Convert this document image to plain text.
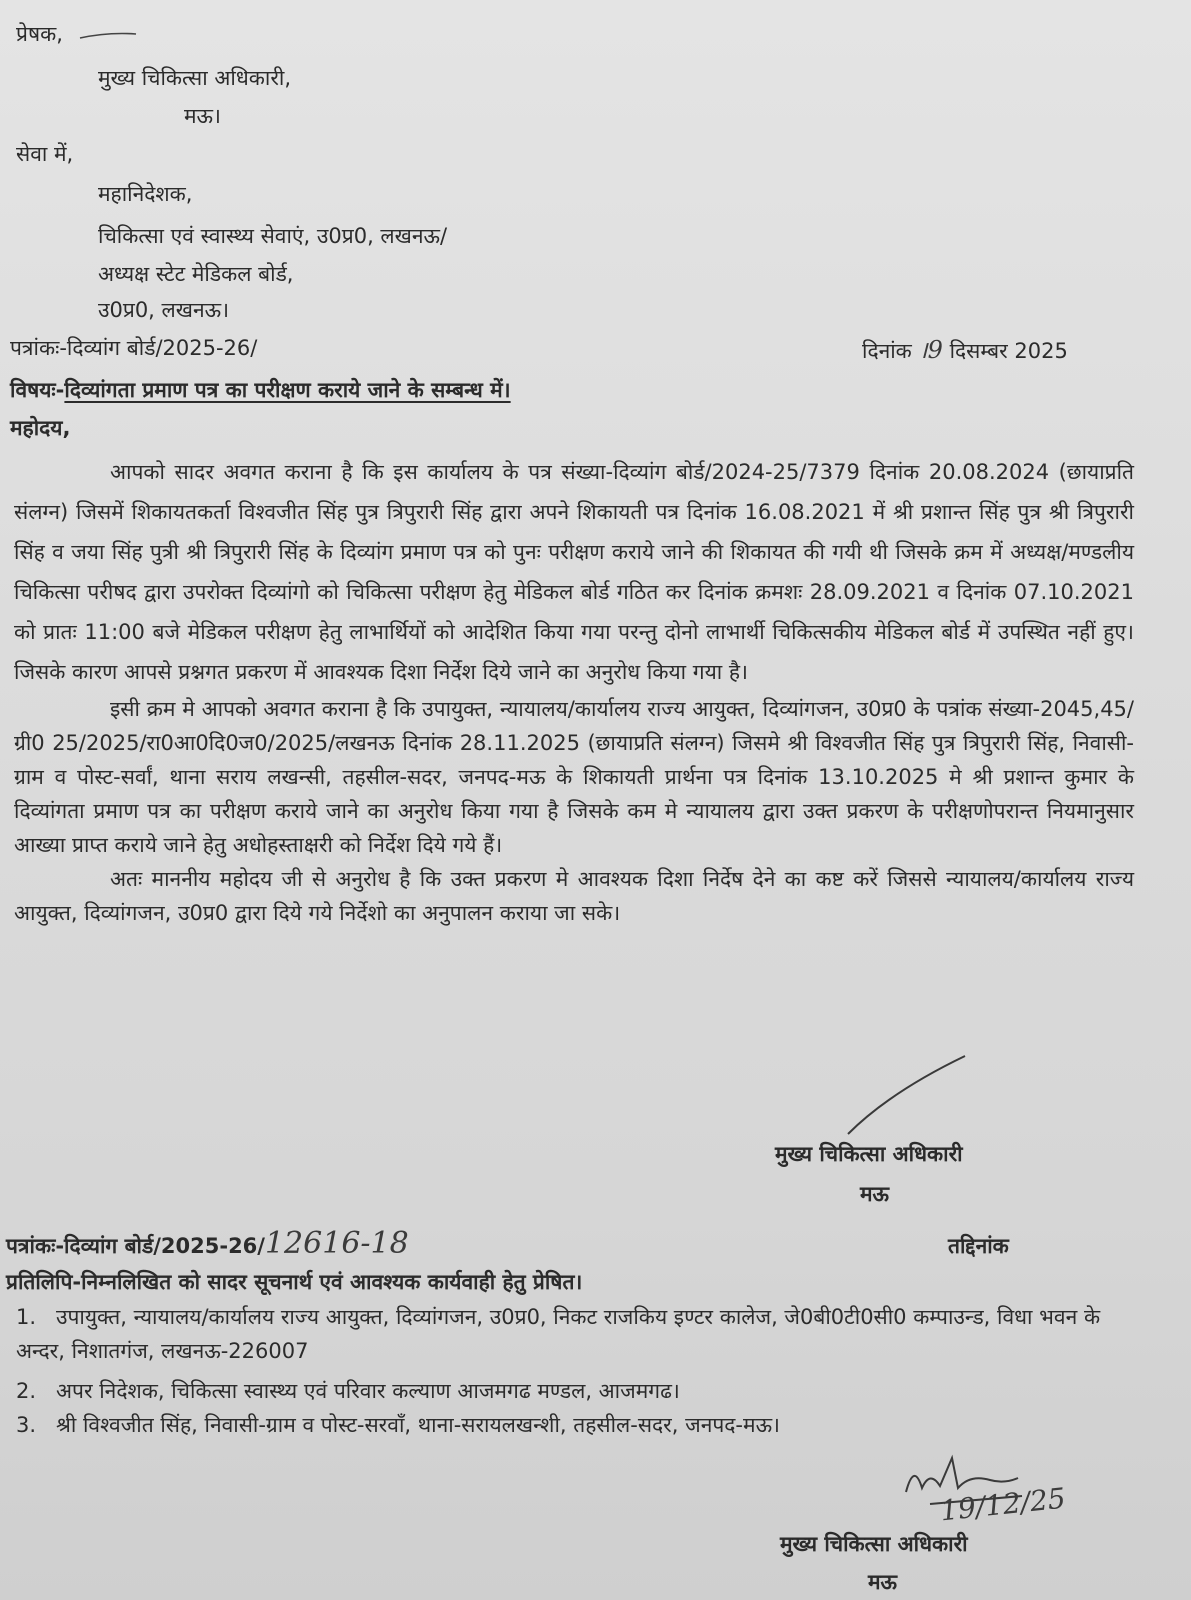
प्रेषक,
मुख्य चिकित्सा अधिकारी,
मऊ।
सेवा में,
महानिदेशक,
चिकित्सा एवं स्वास्थ्य सेवाएं, उ0प्र0, लखनऊ/
अध्यक्ष स्टेट मेडिकल बोर्ड,
उ0प्र0, लखनऊ।
पत्रांकः-दिव्यांग बोर्ड/2025-26/	दिनांक ।9 दिसम्बर 2025
विषयः-दिव्यांगता प्रमाण पत्र का परीक्षण कराये जाने के सम्बन्ध में।
महोदय,

आपको सादर अवगत कराना है कि इस कार्यालय के पत्र संख्या-दिव्यांग बोर्ड/2024-25/7379 दिनांक 20.08.2024 (छायाप्रति संलग्न) जिसमें शिकायतकर्ता विश्वजीत सिंह पुत्र त्रिपुरारी सिंह द्वारा अपने शिकायती पत्र दिनांक 16.08.2021 में श्री प्रशान्त सिंह पुत्र श्री त्रिपुरारी सिंह व जया सिंह पुत्री श्री त्रिपुरारी सिंह के दिव्यांग प्रमाण पत्र को पुनः परीक्षण कराये जाने की शिकायत की गयी थी जिसके क्रम में अध्यक्ष/मण्डलीय चिकित्सा परीषद द्वारा उपरोक्त दिव्यांगो को चिकित्सा परीक्षण हेतु मेडिकल बोर्ड गठित कर दिनांक क्रमशः 28.09.2021 व दिनांक 07.10.2021 को प्रातः 11:00 बजे मेडिकल परीक्षण हेतु लाभार्थियों को आदेशित किया गया परन्तु दोनो लाभार्थी चिकित्सकीय मेडिकल बोर्ड में उपस्थित नहीं हुए।जिसके कारण आपसे प्रश्नगत प्रकरण में आवश्यक दिशा निर्देश दिये जाने का अनुरोध किया गया है।

इसी क्रम मे आपको अवगत कराना है कि उपायुक्त, न्यायालय/कार्यालय राज्य आयुक्त, दिव्यांगजन, उ0प्र0 के पत्रांक संख्या-2045,45/ग्री0 25/2025/रा0आ0दि0ज0/2025/लखनऊ दिनांक 28.11.2025 (छायाप्रति संलग्न) जिसमे श्री विश्वजीत सिंह पुत्र त्रिपुरारी सिंह, निवासी-ग्राम व पोस्ट-सर्वां, थाना सराय लखन्सी, तहसील-सदर, जनपद-मऊ के शिकायती प्रार्थना पत्र दिनांक 13.10.2025 मे श्री प्रशान्त कुमार के दिव्यांगता प्रमाण पत्र का परीक्षण कराये जाने का अनुरोध किया गया है जिसके कम मे न्यायालय द्वारा उक्त प्रकरण के परीक्षणोपरान्त नियमानुसार आख्या प्राप्त कराये जाने हेतु अधोहस्ताक्षरी को निर्देश दिये गये हैं।

अतः माननीय महोदय जी से अनुरोध है कि उक्त प्रकरण मे आवश्यक दिशा निर्देष देने का कष्ट करें जिससे न्यायालय/कार्यालय राज्य आयुक्त, दिव्यांगजन, उ0प्र0 द्वारा दिये गये निर्देशो का अनुपालन कराया जा सके।

मुख्य चिकित्सा अधिकारी
मऊ
पत्रांकः-दिव्यांग बोर्ड/2025-26/12616-18	तद्दिनांक
प्रतिलिपि-निम्नलिखित को सादर सूचनार्थ एवं आवश्यक कार्यवाही हेतु प्रेषित।
1. उपायुक्त, न्यायालय/कार्यालय राज्य आयुक्त, दिव्यांगजन, उ0प्र0, निकट राजकिय इण्टर कालेज, जे0बी0टी0सी0 कम्पाउन्ड, विधा भवन के अन्दर, निशातगंज, लखनऊ-226007
2. अपर निदेशक, चिकित्सा स्वास्थ्य एवं परिवार कल्याण आजमगढ मण्डल, आजमगढ।
3. श्री विश्वजीत सिंह, निवासी-ग्राम व पोस्ट-सरवॉं, थाना-सरायलखन्शी, तहसील-सदर, जनपद-मऊ।
19/12/25
मुख्य चिकित्सा अधिकारी
मऊ
